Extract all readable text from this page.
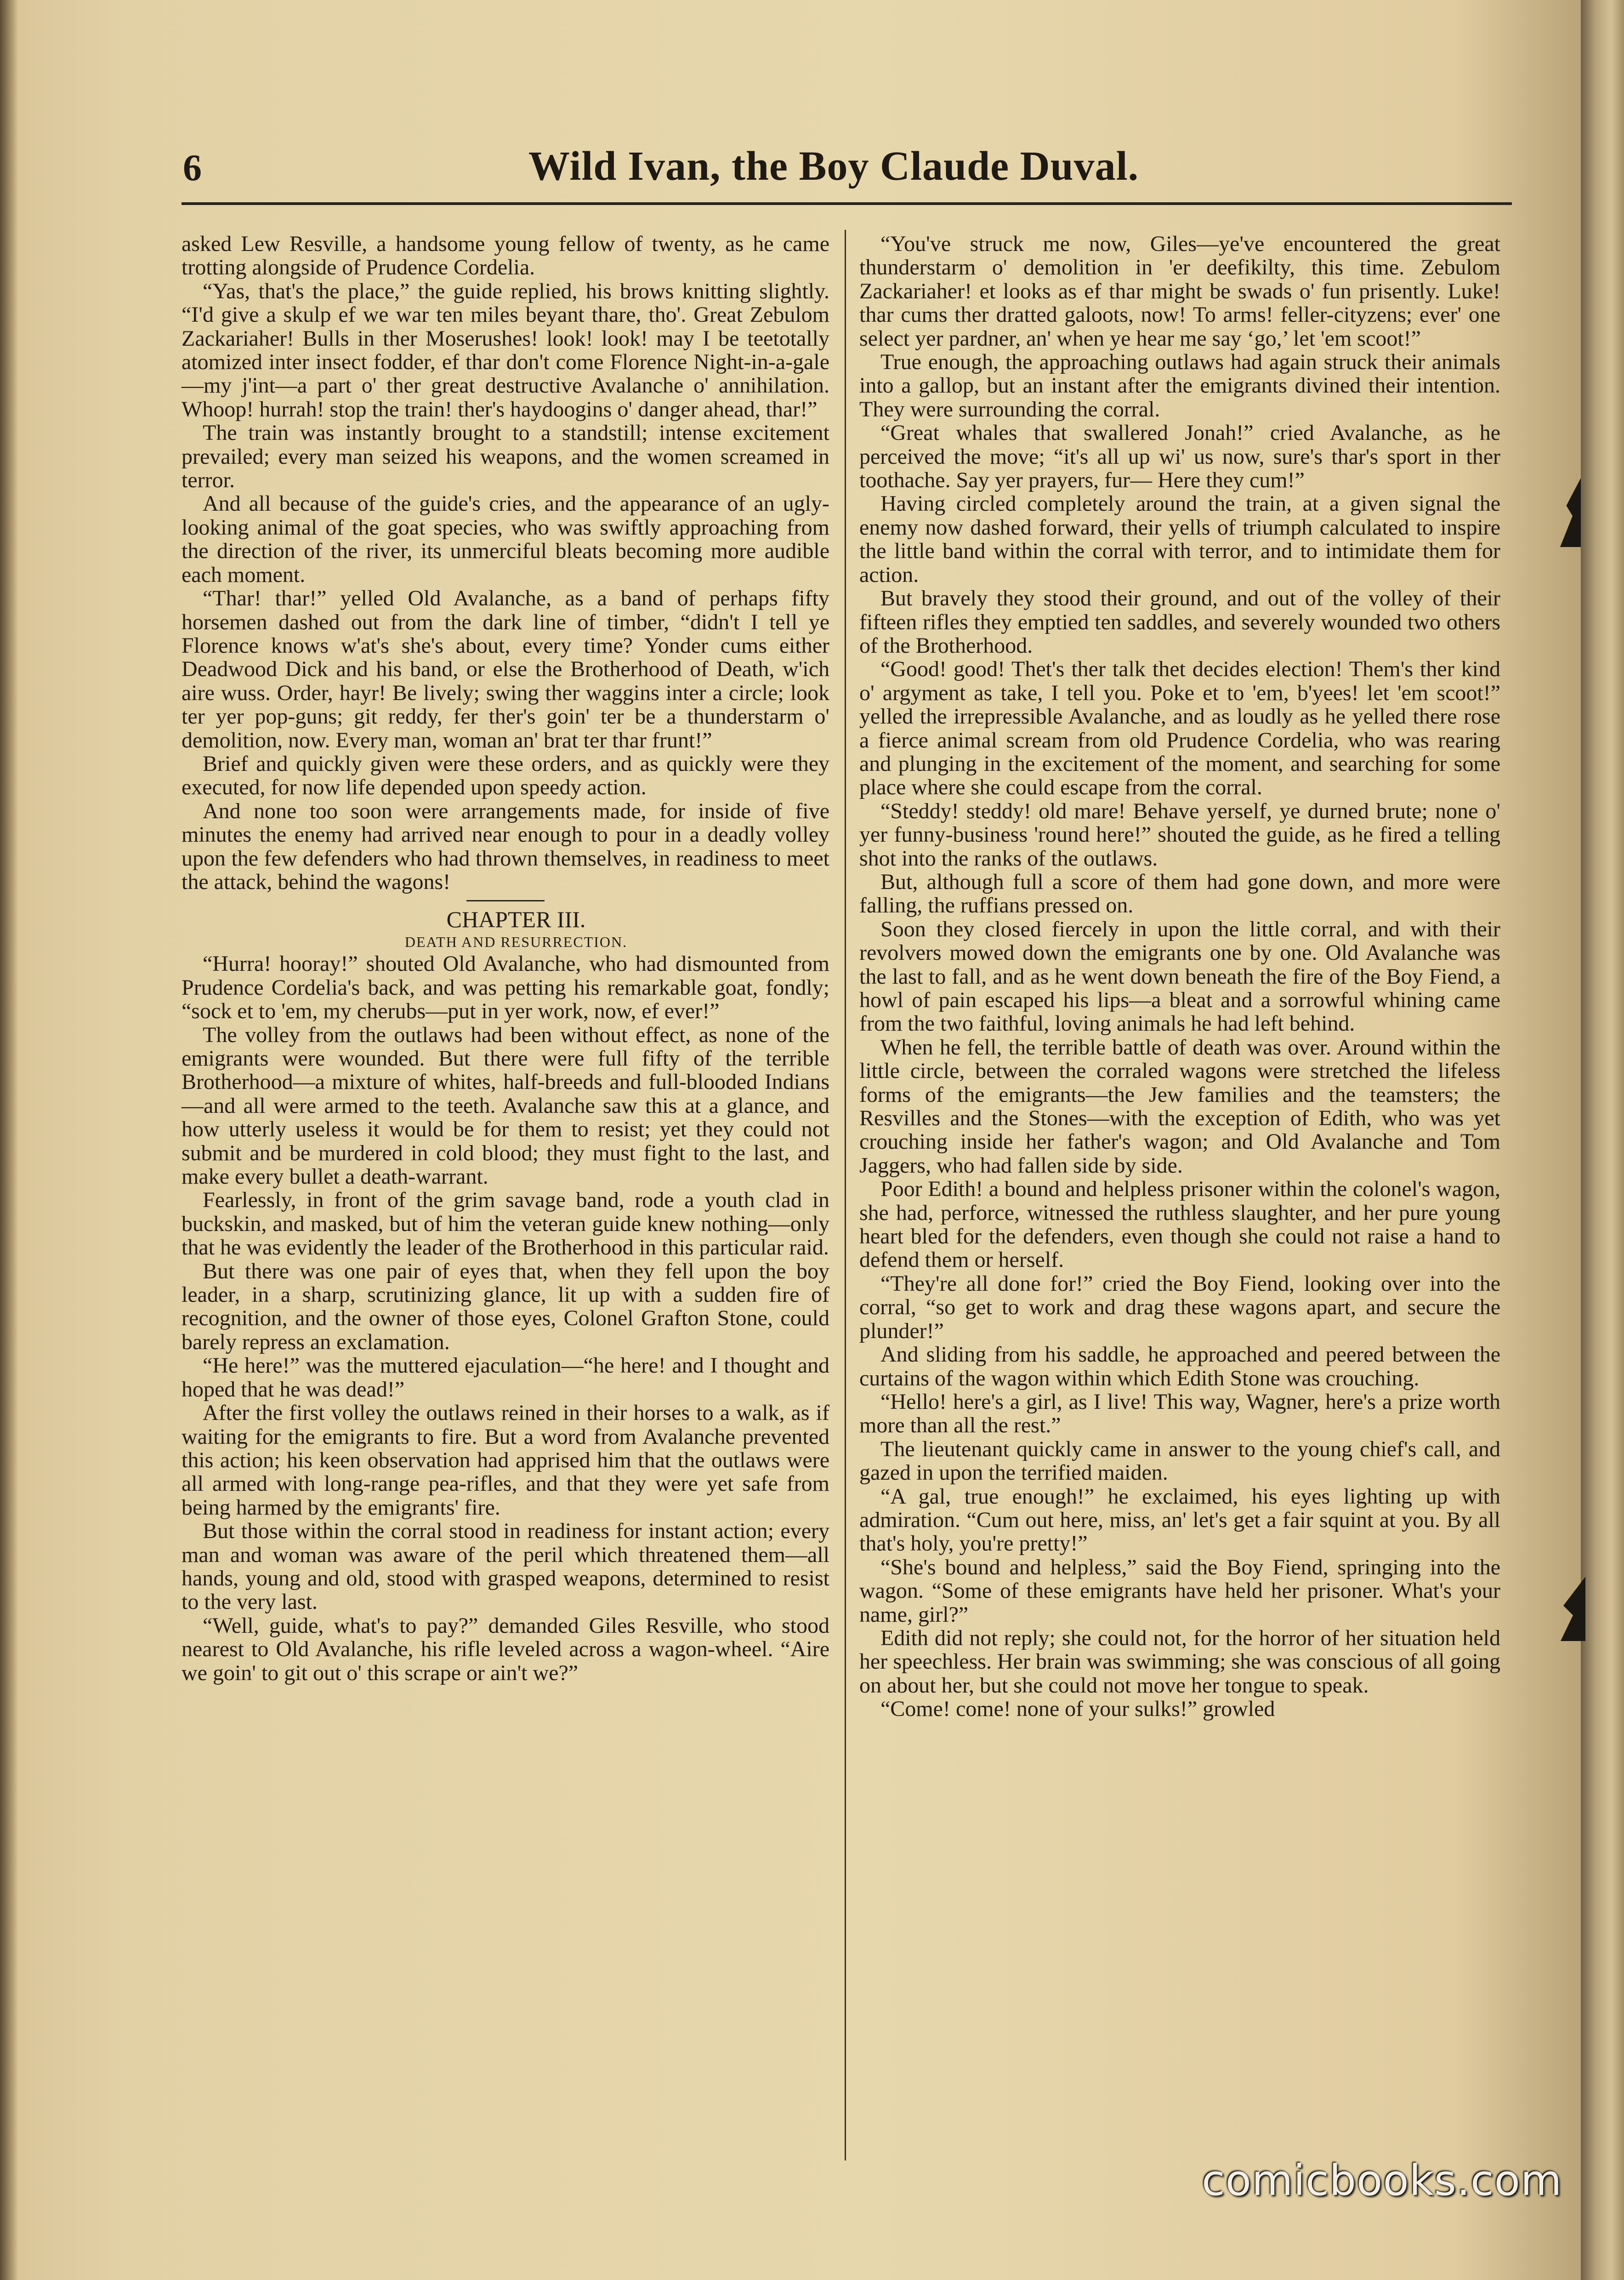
6	Wild Ivan, the Boy Claude Duval.

asked Lew Resville, a handsome young fellow of twenty, as he came trotting alongside of Prudence Cordelia.

“Yas, that's the place,” the guide replied, his brows knitting slightly. “I'd give a skulp ef we war ten miles beyant thare, tho'. Great Zebulom Zackariaher! Bulls in ther Moserushes! look! look! may I be teetotally atomized inter insect fodder, ef thar don't come Florence Night-in-a-gale—my j'int—a part o' ther great destructive Avalanche o' annihilation. Whoop! hurrah! stop the train! ther's haydoogins o' danger ahead, thar!”

The train was instantly brought to a standstill; intense excitement prevailed; every man seized his weapons, and the women screamed in terror.

And all because of the guide's cries, and the appearance of an ugly-looking animal of the goat species, who was swiftly approaching from the direction of the river, its unmerciful bleats becoming more audible each moment.

“Thar! thar!” yelled Old Avalanche, as a band of perhaps fifty horsemen dashed out from the dark line of timber, “didn't I tell ye Florence knows w'at's she's about, every time? Yonder cums either Deadwood Dick and his band, or else the Brotherhood of Death, w'ich aire wuss. Order, hayr! Be lively; swing ther waggins inter a circle; look ter yer pop-guns; git reddy, fer ther's goin' ter be a thunderstarm o' demolition, now. Every man, woman an' brat ter thar frunt!”

Brief and quickly given were these orders, and as quickly were they executed, for now life depended upon speedy action.

And none too soon were arrangements made, for inside of five minutes the enemy had arrived near enough to pour in a deadly volley upon the few defenders who had thrown themselves, in readiness to meet the attack, behind the wagons!

CHAPTER III.

DEATH AND RESURRECTION.

“Hurra! hooray!” shouted Old Avalanche, who had dismounted from Prudence Cordelia's back, and was petting his remarkable goat, fondly; “sock et to 'em, my cherubs—put in yer work, now, ef ever!”

The volley from the outlaws had been without effect, as none of the emigrants were wounded. But there were full fifty of the terrible Brotherhood—a mixture of whites, half-breeds and full-blooded Indians—and all were armed to the teeth. Avalanche saw this at a glance, and how utterly useless it would be for them to resist; yet they could not submit and be murdered in cold blood; they must fight to the last, and make every bullet a death-warrant.

Fearlessly, in front of the grim savage band, rode a youth clad in buckskin, and masked, but of him the veteran guide knew nothing—only that he was evidently the leader of the Brotherhood in this particular raid.

But there was one pair of eyes that, when they fell upon the boy leader, in a sharp, scrutinizing glance, lit up with a sudden fire of recognition, and the owner of those eyes, Colonel Grafton Stone, could barely repress an exclamation.

“He here!” was the muttered ejaculation—“he here! and I thought and hoped that he was dead!”

After the first volley the outlaws reined in their horses to a walk, as if waiting for the emigrants to fire. But a word from Avalanche prevented this action; his keen observation had apprised him that the outlaws were all armed with long-range pea-rifles, and that they were yet safe from being harmed by the emigrants' fire.

But those within the corral stood in readiness for instant action; every man and woman was aware of the peril which threatened them—all hands, young and old, stood with grasped weapons, determined to resist to the very last.

“Well, guide, what's to pay?” demanded Giles Resville, who stood nearest to Old Avalanche, his rifle leveled across a wagon-wheel. “Aire we goin' to git out o' this scrape or ain't we?”

“You've struck me now, Giles—ye've encountered the great thunderstarm o' demolition in 'er deefikilty, this time. Zebulom Zackariaher! et looks as ef thar might be swads o' fun prisently. Luke! thar cums ther dratted galoots, now! To arms! feller-cityzens; ever' one select yer pardner, an' when ye hear me say ‘go,’ let 'em scoot!”

True enough, the approaching outlaws had again struck their animals into a gallop, but an instant after the emigrants divined their intention. They were surrounding the corral.

“Great whales that swallered Jonah!” cried Avalanche, as he perceived the move; “it's all up wi' us now, sure's thar's sport in ther toothache. Say yer prayers, fur— Here they cum!”

Having circled completely around the train, at a given signal the enemy now dashed forward, their yells of triumph calculated to inspire the little band within the corral with terror, and to intimidate them for action.

But bravely they stood their ground, and out of the volley of their fifteen rifles they emptied ten saddles, and severely wounded two others of the Brotherhood.

“Good! good! Thet's ther talk thet decides election! Them's ther kind o' argyment as take, I tell you. Poke et to 'em, b'yees! let 'em scoot!” yelled the irrepressible Avalanche, and as loudly as he yelled there rose a fierce animal scream from old Prudence Cordelia, who was rearing and plunging in the excitement of the moment, and searching for some place where she could escape from the corral.

“Steddy! steddy! old mare! Behave yerself, ye durned brute; none o' yer funny-business 'round here!” shouted the guide, as he fired a telling shot into the ranks of the outlaws.

But, although full a score of them had gone down, and more were falling, the ruffians pressed on.

Soon they closed fiercely in upon the little corral, and with their revolvers mowed down the emigrants one by one. Old Avalanche was the last to fall, and as he went down beneath the fire of the Boy Fiend, a howl of pain escaped his lips—a bleat and a sorrowful whining came from the two faithful, loving animals he had left behind.

When he fell, the terrible battle of death was over. Around within the little circle, between the corraled wagons were stretched the lifeless forms of the emigrants—the Jew families and the teamsters; the Resvilles and the Stones—with the exception of Edith, who was yet crouching inside her father's wagon; and Old Avalanche and Tom Jaggers, who had fallen side by side.

Poor Edith! a bound and helpless prisoner within the colonel's wagon, she had, perforce, witnessed the ruthless slaughter, and her pure young heart bled for the defenders, even though she could not raise a hand to defend them or herself.

“They're all done for!” cried the Boy Fiend, looking over into the corral, “so get to work and drag these wagons apart, and secure the plunder!”

And sliding from his saddle, he approached and peered between the curtains of the wagon within which Edith Stone was crouching.

“Hello! here's a girl, as I live! This way, Wagner, here's a prize worth more than all the rest.”

The lieutenant quickly came in answer to the young chief's call, and gazed in upon the terrified maiden.

“A gal, true enough!” he exclaimed, his eyes lighting up with admiration. “Cum out here, miss, an' let's get a fair squint at you. By all that's holy, you're pretty!”

“She's bound and helpless,” said the Boy Fiend, springing into the wagon. “Some of these emigrants have held her prisoner. What's your name, girl?”

Edith did not reply; she could not, for the horror of her situation held her speechless. Her brain was swimming; she was conscious of all going on about her, but she could not move her tongue to speak.

“Come! come! none of your sulks!” growled

comicbooks.com
